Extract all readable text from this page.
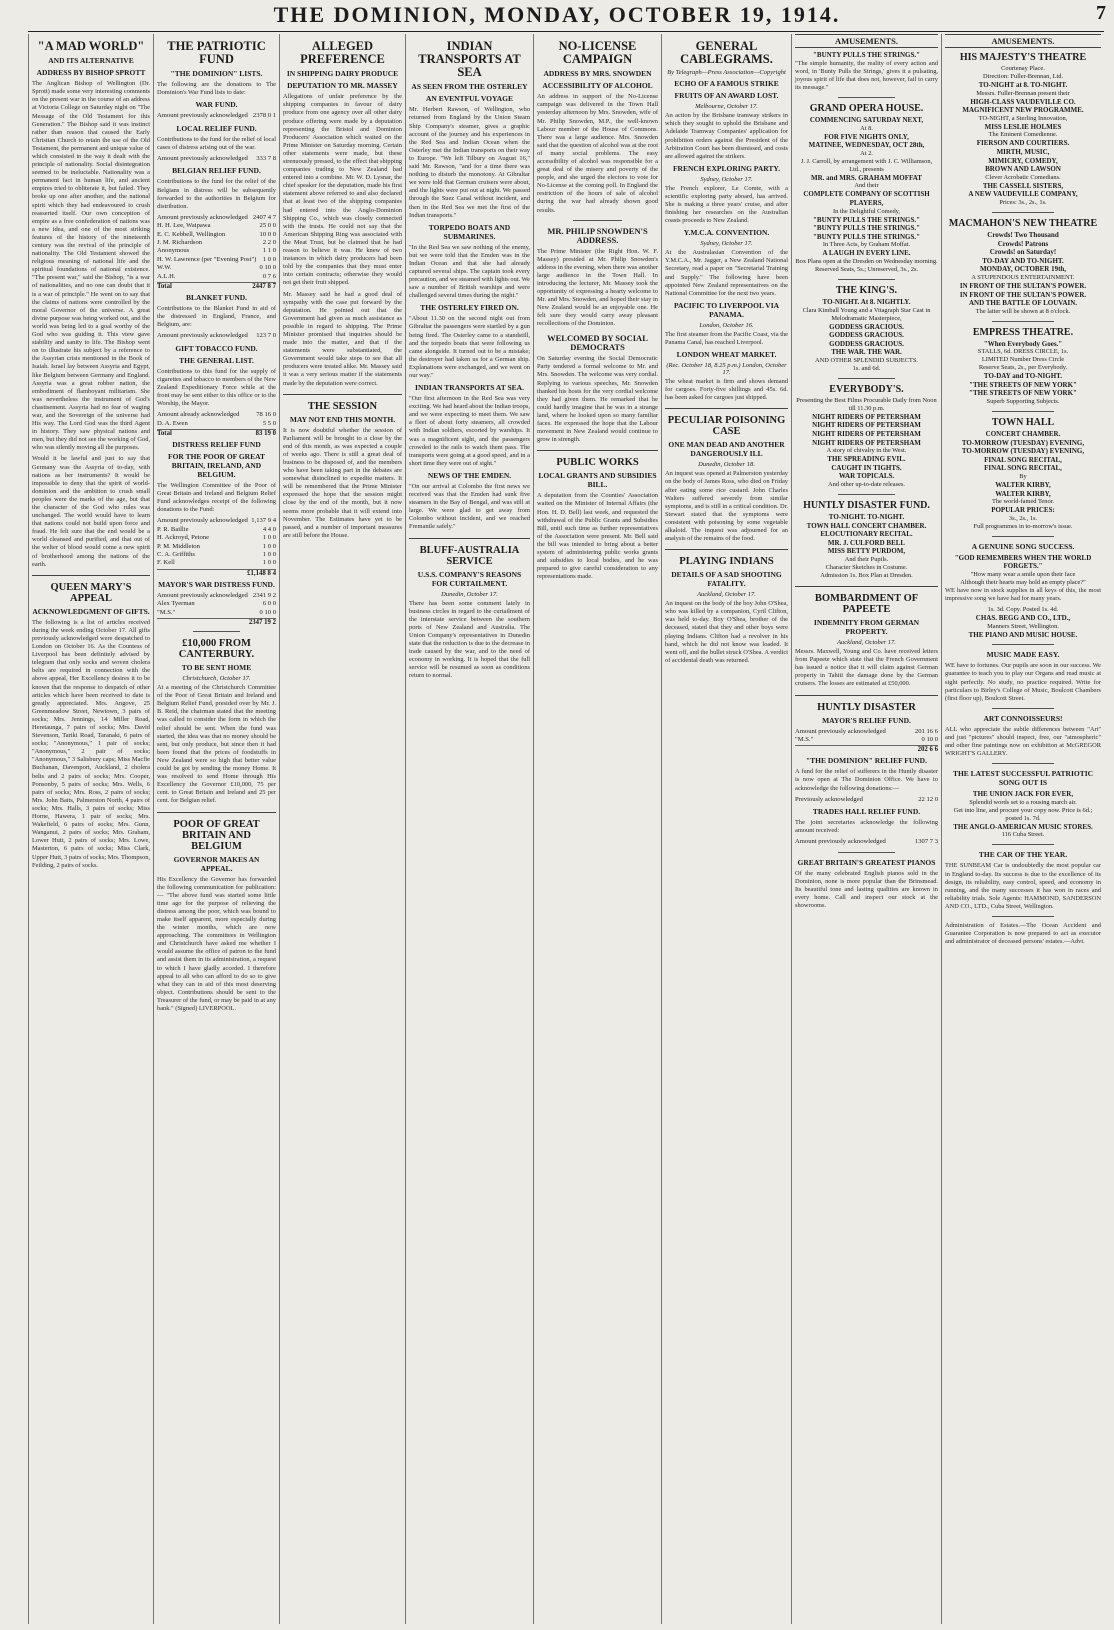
THE DOMINION, MONDAY, OCTOBER 19, 1914.	7
"A MAD WORLD"
AND ITS ALTERNATIVE
ADDRESS BY BISHOP SPROTT

The Anglican Bishop of Wellington (Dr. Sprott) made some very interesting comments on the present war in the course of an address at Victoria College on Saturday night on "The Message of the Old Testament for this Generation." The Bishop said it was instinct rather than reason that caused the Early Christian Church to retain the use of the Old Testament, the permanent and unique value of which consisted in the way it dealt with the principle of nationality. Social disintegration seemed to be ineluctable. Nationality was a permanent fact in human life, and ancient empires tried to obliterate it, but failed. They broke up one after another, and the national spirit which they had endeavoured to crush reasserted itself. Our own conception of empire as a free confederation of nations was a new idea, and one of the most striking features of the history of the nineteenth century was the revival of the principle of nationality. The Old Testament showed the religious meaning of national life and the spiritual foundations of national existence. "The present war," said the Bishop, "is a war of nationalities, and no one can doubt that it is a war of principle." He went on to say that the claims of nations were controlled by the moral Governor of the universe. A great divine purpose was being worked out, and the world was being led to a goal worthy of the God who was guiding it. This view gave stability and sanity to life. The Bishop went on to illustrate his subject by a reference to the Assyrian crisis mentioned in the Book of Isaiah. Israel lay between Assyria and Egypt, like Belgium between Germany and England. Assyria was a great robber nation, the embodiment of flamboyant militarism. She was nevertheless the instrument of God's chastisement. Assyria had no fear of waging war, and the Sovereign of the universe had His way. The Lord God was the third Agent in history. They saw physical nations and men, but they did not see the working of God, who was silently moving all the purposes.

Would it be lawful and just to say that Germany was the Assyria of to-day, with nations as her instruments? It would be impossible to deny that the spirit of world-dominion and the ambition to crush small peoples were the marks of the age, but that the character of the God who rules was unchanged. The world would have to learn that nations could not build upon force and fraud. He felt sure that the end would be a world cleansed and purified, and that out of the welter of blood would come a new spirit of brotherhood among the nations of the earth.

QUEEN MARY'S APPEAL
ACKNOWLEDGMENT OF GIFTS.

The following is a list of articles received during the week ending October 17. All gifts previously acknowledged were despatched to London on October 16. As the Countess of Liverpool has been definitely advised by telegram that only socks and woven cholera belts are required in connection with the above appeal, Her Excellency desires it to be known that the response to despatch of other articles which have been received to date is greatly appreciated. Mrs. Angove, 25 Greenmeadow Street, Newtown, 3 pairs of socks; Mrs. Jennings, 14 Miller Road, Heretaunga, 7 pairs of socks; Mrs. David Stevenson, Tariki Road, Taranaki, 6 pairs of socks; "Anonymous," 1 pair of socks; "Anonymous," 2 pair of socks; "Anonymous," 3 Salisbury caps; Miss Macfie Buchanan, Davenport, Auckland, 2 cholera belts and 2 pairs of socks; Mrs. Cooper, Ponsonby, 5 pairs of socks; Mrs. Wells, 6 pairs of socks; Mrs. Ross, 2 pairs of socks; Mrs. John Batts, Palmerston North, 4 pairs of socks; Mrs. Halls, 3 pairs of socks; Miss Horne, Hawera, 1 pair of socks; Mrs. Wakefield, 6 pairs of socks; Mrs. Gunn, Wanganui, 2 pairs of socks; Mrs. Graham, Lower Hutt, 2 pairs of socks; Mrs. Lowe, Masterton, 6 pairs of socks; Miss Clark, Upper Hutt, 3 pairs of socks; Mrs. Thompson, Feilding, 2 pairs of socks.

THE PATRIOTIC FUND
"THE DOMINION" LISTS.

The following are the donations to The Dominion's War Fund lists to date:

WAR FUND.
Amount previously acknowledged 2378 0 1
LOCAL RELIEF FUND.

Contributions to the fund for the relief of local cases of distress arising out of the war.

Amount previously acknowledged 333 7 8
BELGIAN RELIEF FUND.

Contributions to the fund for the relief of the Belgians in distress will be subsequently forwarded to the authorities in Belgium for distribution.

Amount previously acknowledged 2407 4 7
H. H. Lee, Waipawa	25 0 0
E. C. Kebbell, Wellington	10 0 0
J. M. Richardson	2 2 0
Anonymous	1 1 0
H. W. Lawrence (per "Evening Post") 1 0 0
W.W.	0 10 0
A.L.H.	0 7 6
Total	2447 8 7
BLANKET FUND.

Contributions to the Blanket Fund in aid of the distressed in England, France, and Belgium, are:

Amount previously acknowledged 123 7 0
GIFT TOBACCO FUND.
THE GENERAL LIST.

Contributions to this fund for the supply of cigarettes and tobacco to members of the New Zealand Expeditionary Force while at the front may be sent either to this office or to the Worship, the Mayor.

Amount already acknowledged	78 16 0
D. A. Ewen	5 5 0
Total	83 19 0
DISTRESS RELIEF FUND
FOR THE POOR OF GREAT BRITAIN, IRELAND, AND BELGIUM.

The Wellington Committee of the Poor of Great Britain and Ireland and Belgium Relief Fund acknowledges receipt of the following donations to the Fund:

Amount previously acknowledged 1,137 9 4
P. R. Baillie	4 4 0
H. Ackroyd, Petone	1 0 0
P. M. Middleton	1 0 0
C. A. Griffiths	1 0 0
F. Kell	1 0 0
£1,148 8 4
MAYOR'S WAR DISTRESS FUND.
Amount previously acknowledged 2341 9 2
Alex Tyerman	6 0 0
"M.S."	0 10 0
2347 19 2
£10,000 FROM CANTERBURY.
TO BE SENT HOME
Christchurch, October 17.

At a meeting of the Christchurch Committee of the Poor of Great Britain and Ireland and Belgium Relief Fund, presided over by Mr. J. B. Reid, the chairman stated that the meeting was called to consider the form in which the relief should be sent. When the fund was started, the idea was that no money should be sent, but only produce, but since then it had been found that the prices of foodstuffs in New Zealand were so high that better value could be got by sending the money Home. It was resolved to send Home through His Excellency the Governor £10,000, 75 per cent. to Great Britain and Ireland and 25 per cent. for Belgian relief.

POOR OF GREAT BRITAIN AND BELGIUM
GOVERNOR MAKES AN APPEAL.

His Excellency the Governor has forwarded the following communication for publication:— "The above fund was started some little time ago for the purpose of relieving the distress among the poor, which was bound to make itself apparent, more especially during the winter months, which are now approaching. The committees in Wellington and Christchurch have asked me whether I would assume the office of patron to the fund and assist them in its administration, a request to which I have gladly acceded. I therefore appeal to all who can afford to do so to give what they can in aid of this most deserving object. Contributions should be sent to the Treasurer of the fund, or may be paid in at any bank." (Signed) LIVERPOOL.

ALLEGED PREFERENCE
IN SHIPPING DAIRY PRODUCE
DEPUTATION TO MR. MASSEY

Allegations of unfair preference by the shipping companies in favour of dairy produce from one agency over all other dairy produce offering were made by a deputation representing the Bristol and Dominion Producers' Association which waited on the Prime Minister on Saturday morning. Certain other statements were made, but these strenuously pressed, to the effect that shipping companies trading to New Zealand had entered into a combine. Mr. W. D. Lysnar, the chief speaker for the deputation, made his first statement above referred to and also declared that at least two of the shipping companies had entered into the Anglo-Dominion Shipping Co., which was closely connected with the trusts. He could not say that the American Shipping Ring was associated with the Meat Trust, but he claimed that he had reason to believe it was. He knew of two instances in which dairy producers had been told by the companies that they must enter into certain contracts; otherwise they would not get their fruit shipped.

Mr. Massey said he had a good deal of sympathy with the case put forward by the deputation. He pointed out that the Government had given as much assistance as possible in regard to shipping. The Prime Minister promised that inquiries should be made into the matter, and that if the statements were substantiated, the Government would take steps to see that all producers were treated alike. Mr. Massey said it was a very serious matter if the statements made by the deputation were correct.

THE SESSION
MAY NOT END THIS MONTH.

It is now doubtful whether the session of Parliament will be brought to a close by the end of this month, as was expected a couple of weeks ago. There is still a great deal of business to be disposed of, and the members who have been taking part in the debates are somewhat disinclined to expedite matters. It will be remembered that the Prime Minister expressed the hope that the session might close by the end of the month, but it now seems more probable that it will extend into November. The Estimates have yet to be passed, and a number of important measures are still before the House.

INDIAN TRANSPORTS AT SEA
AS SEEN FROM THE OSTERLEY
AN EVENTFUL VOYAGE

Mr. Herbert Rawson, of Wellington, who returned from England by the Union Steam Ship Company's steamer, gives a graphic account of the journey and his experiences in the Red Sea and Indian Ocean when the Osterley met the Indian transports on their way to Europe. "We left Tilbury on August 16," said Mr. Rawson, "and for a time there was nothing to disturb the monotony. At Gibraltar we were told that German cruisers were about, and the lights were put out at night. We passed through the Suez Canal without incident, and then in the Red Sea we met the first of the Indian transports."

TORPEDO BOATS AND SUBMARINES.

"In the Red Sea we saw nothing of the enemy, but we were told that the Emden was in the Indian Ocean and that she had already captured several ships. The captain took every precaution, and we steamed with lights out. We saw a number of British warships and were challenged several times during the night."

THE OSTERLEY FIRED ON.

"About 11.30 on the second night out from Gibraltar the passengers were startled by a gun being fired. The Osterley came to a standstill, and the torpedo boats that were following us came alongside. It turned out to be a mistake; the destroyer had taken us for a German ship. Explanations were exchanged, and we went on our way."

INDIAN TRANSPORTS AT SEA.

"Our first afternoon in the Red Sea was very exciting. We had heard about the Indian troops, and we were expecting to meet them. We saw a fleet of about forty steamers, all crowded with Indian soldiers, escorted by warships. It was a magnificent sight, and the passengers crowded to the rails to watch them pass. The transports were going at a good speed, and in a short time they were out of sight."

NEWS OF THE EMDEN.

"On our arrival at Colombo the first news we received was that the Emden had sunk five steamers in the Bay of Bengal, and was still at large. We were glad to get away from Colombo without incident, and we reached Fremantle safely."

BLUFF-AUSTRALIA SERVICE
U.S.S. COMPANY'S REASONS FOR CURTAILMENT.
Dunedin, October 17.

There has been some comment lately in business circles in regard to the curtailment of the interstate service between the southern ports of New Zealand and Australia. The Union Company's representatives in Dunedin state that the reduction is due to the decrease in trade caused by the war, and to the need of economy in working. It is hoped that the full service will be resumed as soon as conditions return to normal.

NO-LICENSE CAMPAIGN
ADDRESS BY MRS. SNOWDEN
ACCESSIBILITY OF ALCOHOL

An address in support of the No-License campaign was delivered in the Town Hall yesterday afternoon by Mrs. Snowden, wife of Mr. Philip Snowden, M.P., the well-known Labour member of the House of Commons. There was a large audience. Mrs. Snowden said that the question of alcohol was at the root of many social problems. The easy accessibility of alcohol was responsible for a great deal of the misery and poverty of the people, and she urged the electors to vote for No-License at the coming poll. In England the restriction of the hours of sale of alcohol during the war had already shown good results.

MR. PHILIP SNOWDEN'S ADDRESS.

The Prime Minister (the Right Hon. W. F. Massey) presided at Mr. Philip Snowden's address in the evening, when there was another large audience in the Town Hall. In introducing the lecturer, Mr. Massey took the opportunity of expressing a hearty welcome to Mr. and Mrs. Snowden, and hoped their stay in New Zealand would be an enjoyable one. He felt sure they would carry away pleasant recollections of the Dominion.

WELCOMED BY SOCIAL DEMOCRATS

On Saturday evening the Social Democratic Party tendered a formal welcome to Mr. and Mrs. Snowden. The welcome was very cordial. Replying to various speeches, Mr. Snowden thanked his hosts for the very cordial welcome they had given them. He remarked that he could hardly imagine that he was in a strange land, where he looked upon so many familiar faces. He expressed the hope that the Labour movement in New Zealand would continue to grow in strength.

PUBLIC WORKS
LOCAL GRANTS AND SUBSIDIES BILL.

A deputation from the Counties' Association waited on the Minister of Internal Affairs (the Hon. H. D. Bell) last week, and requested the withdrawal of the Public Grants and Subsidies Bill, until such time as further representatives of the Association were present. Mr. Bell said the bill was intended to bring about a better system of administering public works grants and subsidies to local bodies, and he was prepared to give careful consideration to any representations made.

GENERAL CABLEGRAMS.
By Telegraph—Press Association—Copyright
ECHO OF A FAMOUS STRIKE
FRUITS OF AN AWARD LOST.
Melbourne, October 17.

An action by the Brisbane tramway strikers in which they sought to uphold the Brisbane and Adelaide Tramway Companies' application for prohibition orders against the President of the Arbitration Court has been dismissed, and costs are allowed against the strikers.

FRENCH EXPLORING PARTY.
Sydney, October 17.

The French explorer, Le Comte, with a scientific exploring party aboard, has arrived. She is making a three years' cruise, and after finishing her researches on the Australian coasts proceeds to New Zealand.

Y.M.C.A. CONVENTION.
Sydney, October 17.

At the Australasian Convention of the Y.M.C.A., Mr. Jagger, a New Zealand National Secretary, read a paper on "Secretarial Training and Supply." The following have been appointed New Zealand representatives on the National Committee for the next two years.

PACIFIC TO LIVERPOOL VIA PANAMA.
London, October 16.

The first steamer from the Pacific Coast, via the Panama Canal, has reached Liverpool.

LONDON WHEAT MARKET.
(Rec. October 18, 8.25 p.m.) London, October 17.

The wheat market is firm and shows demand for cargoes. Forty-five shillings and 45s. 6d. has been asked for cargoes just shipped.

PECULIAR POISONING CASE
ONE MAN DEAD AND ANOTHER DANGEROUSLY ILL
Dunedin, October 18.

An inquest was opened at Palmerston yesterday on the body of James Ross, who died on Friday after eating some rice custard. John Charles Walters suffered severely from similar symptoms, and is still in a critical condition. Dr. Stewart stated that the symptoms were consistent with poisoning by some vegetable alkaloid. The inquest was adjourned for an analysis of the remains of the food.

PLAYING INDIANS
DETAILS OF A SAD SHOOTING FATALITY.
Auckland, October 17.

An inquest on the body of the boy John O'Shea, who was killed by a companion, Cyril Clifton, was held to-day. Boy O'Shea, brother of the deceased, stated that they and other boys were playing Indians. Clifton had a revolver in his hand, which he did not know was loaded. It went off, and the bullet struck O'Shea. A verdict of accidental death was returned.

AMUSEMENTS.
"BUNTY PULLS THE STRINGS."

"The simple humanity, the reality of every action and word, in 'Bunty Pulls the Strings,' gives it a pulsating, joyous spirit of life that does not, however, fail to carry its message."

GRAND OPERA HOUSE.
COMMENCING SATURDAY NEXT,
At 8.
FOR FIVE NIGHTS ONLY,
MATINEE, WEDNESDAY, OCT 28th,
At 2.
J. J. Carroll, by arrangement with J. C. Williamson, Ltd., presents
MR. and MRS. GRAHAM MOFFAT
And their
COMPLETE COMPANY OF SCOTTISH PLAYERS,
In the Delightful Comedy,
"BUNTY PULLS THE STRINGS."
"BUNTY PULLS THE STRINGS."
"BUNTY PULLS THE STRINGS."
In Three Acts, by Graham Moffat.
A LAUGH IN EVERY LINE.
Box Plans open at the Dresden on Wednesday morning. Reserved Seats, 5s.; Unreserved, 3s., 2s.
THE KING'S.
TO-NIGHT. At 8. NIGHTLY.
Clara Kimball Young and a Vitagraph Star Cast in Melodramatic Masterpiece,
GODDESS GRACIOUS.
GODDESS GRACIOUS.
GODDESS GRACIOUS.
THE WAR. THE WAR.
AND OTHER SPLENDID SUBJECTS.
1s. and 6d.
EVERYBODY'S.
Presenting the Best Films Procurable Daily from Noon till 11.30 p.m.
NIGHT RIDERS OF PETERSHAM
NIGHT RIDERS OF PETERSHAM
NIGHT RIDERS OF PETERSHAM
NIGHT RIDERS OF PETERSHAM
A story of chivalry in the West.
THE SPREADING EVIL.
CAUGHT IN TIGHTS.
WAR TOPICALS.
And other up-to-date releases.
HUNTLY DISASTER FUND.
TO-NIGHT. TO-NIGHT.
TOWN HALL CONCERT CHAMBER.
ELOCUTIONARY RECITAL.
MR. J. CULFORD BELL
MISS BETTY PURDOM,
And their Pupils.
Character Sketches in Costume.
Admission 1s. Box Plan at Dresden.
BOMBARDMENT OF PAPEETE
INDEMNITY FROM GERMAN PROPERTY.
Auckland, October 17.

Messrs. Maxwell, Young and Co. have received letters from Papeete which state that the French Government has issued a notice that it will claim against German property in Tahiti the damage done by the German cruisers. The losses are estimated at £50,000.

HUNTLY DISASTER
MAYOR'S RELIEF FUND.
Amount previously acknowledged	201 16 6
"M.S."	0 10 0
202 6 6
"THE DOMINION" RELIEF FUND.

A fund for the relief of sufferers in the Huntly disaster is now open at The Dominion Office. We have to acknowledge the following donations:—

Previously acknowledged	22 12 0
TRADES HALL RELIEF FUND.

The joint secretaries acknowledge the following amount received:

Amount previously acknowledged	1307 7 3
GREAT BRITAIN'S GREATEST PIANOS

Of the many celebrated English pianos sold in the Dominion, none is more popular than the Brinsmead. Its beautiful tone and lasting qualities are known in every home. Call and inspect our stock at the showrooms.

AMUSEMENTS.
HIS MAJESTY'S THEATRE
Courtenay Place.
Direction: Fuller-Brennan, Ltd.
TO-NIGHT at 8. TO-NIGHT.
Messrs. Fuller-Brennan present their
HIGH-CLASS VAUDEVILLE CO.
MAGNIFICENT NEW PROGRAMME.
TO-NIGHT, a Sterling Innovation,
MISS LESLIE HOLMES
The Eminent Comedienne.
FIERSON AND COURTIERS.
MIRTH, MUSIC,
MIMICRY, COMEDY,
BROWN AND LAWSON
Clever Acrobatic Comedians.
THE CASSELL SISTERS,
A NEW VAUDEVILLE COMPANY,
Prices: 3s., 2s., 1s.
MACMAHON'S NEW THEATRE
Crowds! Two Thousand
Crowds! Patrons
Crowds! on Saturday!
TO-DAY AND TO-NIGHT.
MONDAY, OCTOBER 19th,
A STUPENDOUS ENTERTAINMENT.
IN FRONT OF THE SULTAN'S POWER.
IN FRONT OF THE SULTAN'S POWER.
AND THE BATTLE OF LOUVAIN.
The latter will be shown at 8 o'clock.
EMPRESS THEATRE.
"When Everybody Goes."
STALLS, 6d. DRESS CIRCLE, 1s.
LIMITED Number Dress Circle
Reserve Seats, 2s., per Everybody.
TO-DAY and TO-NIGHT.
"THE STREETS OF NEW YORK"
"THE STREETS OF NEW YORK"
Superb Supporting Subjects.
TOWN HALL
CONCERT CHAMBER.
TO-MORROW (TUESDAY) EVENING,
TO-MORROW (TUESDAY) EVENING,
FINAL SONG RECITAL,
FINAL SONG RECITAL,
By
WALTER KIRBY,
WALTER KIRBY,
The world-famed Tenor.
POPULAR PRICES:
3s., 2s., 1s.
Full programmes in to-morrow's issue.
A GENUINE SONG SUCCESS.
"GOD REMEMBERS WHEN THE WORLD FORGETS."
"How many wear a smile upon their face
Although their hearts may hold an empty place?"

WE have now in stock supplies in all keys of this, the most impressive song we have had for many years.

1s. 3d. Copy. Posted 1s. 4d.
CHAS. BEGG AND CO., LTD.,
Manners Street, Wellington.
THE PIANO AND MUSIC HOUSE.
MUSIC MADE EASY.

WE have to fortunes. Our pupils are soon in our success. We guarantee to teach you to play our Organs and read music at sight perfectly. No study, no practice required. Write for particulars to Birley's College of Music, Boulcott Chambers (first floor up), Boulcott Street.

ART CONNOISSEURS!

ALL who appreciate the subtle differences between "Art" and just "pictures" should inspect, free, our "atmospheric" and other fine paintings now on exhibition at McGREGOR WRIGHT'S GALLERY.

THE LATEST SUCCESSFUL PATRIOTIC SONG OUT IS
THE UNION JACK FOR EVER,
Splendid words set to a rousing march air.
Get into line, and procure your copy now. Price is 6d.; posted 1s. 7d.
THE ANGLO-AMERICAN MUSIC STORES.
116 Cuba Street.
THE CAR OF THE YEAR.

THE SUNBEAM Car is undoubtedly the most popular car in England to-day. Its success is due to the excellence of its design, its reliability, easy control, speed, and economy in running, and the many successes it has won in races and reliability trials. Sole Agents: HAMMOND, SANDERSON AND CO., LTD., Cuba Street, Wellington.

Administration of Estates.—The Ocean Accident and Guarantee Corporation is now prepared to act as executor and administrator of deceased persons' estates.—Advt.
